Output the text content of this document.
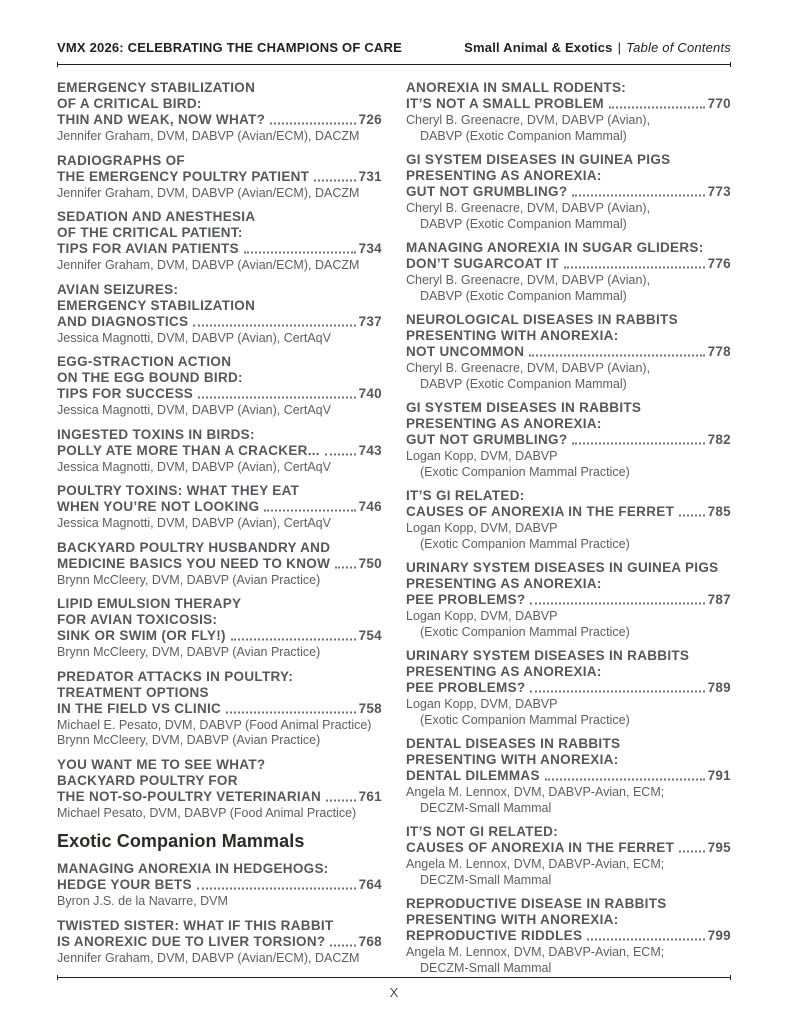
VMX 2026: CELEBRATING THE CHAMPIONS OF CARE	Small Animal & Exotics | Table of Contents
EMERGENCY STABILIZATION
OF A CRITICAL BIRD:
THIN AND WEAK, NOW WHAT?	726
Jennifer Graham, DVM, DABVP (Avian/ECM), DACZM
RADIOGRAPHS OF
THE EMERGENCY POULTRY PATIENT	731
Jennifer Graham, DVM, DABVP (Avian/ECM), DACZM
SEDATION AND ANESTHESIA
OF THE CRITICAL PATIENT:
TIPS FOR AVIAN PATIENTS	734
Jennifer Graham, DVM, DABVP (Avian/ECM), DACZM
AVIAN SEIZURES:
EMERGENCY STABILIZATION
AND DIAGNOSTICS	737
Jessica Magnotti, DVM, DABVP (Avian), CertAqV
EGG-STRACTION ACTION
ON THE EGG BOUND BIRD:
TIPS FOR SUCCESS	740
Jessica Magnotti, DVM, DABVP (Avian), CertAqV
INGESTED TOXINS IN BIRDS:
POLLY ATE MORE THAN A CRACKER...	743
Jessica Magnotti, DVM, DABVP (Avian), CertAqV
POULTRY TOXINS: WHAT THEY EAT
WHEN YOU’RE NOT LOOKING	746
Jessica Magnotti, DVM, DABVP (Avian), CertAqV
BACKYARD POULTRY HUSBANDRY AND
MEDICINE BASICS YOU NEED TO KNOW 750
Brynn McCleery, DVM, DABVP (Avian Practice)
LIPID EMULSION THERAPY
FOR AVIAN TOXICOSIS:
SINK OR SWIM (OR FLY!)	754
Brynn McCleery, DVM, DABVP (Avian Practice)
PREDATOR ATTACKS IN POULTRY:
TREATMENT OPTIONS
IN THE FIELD VS CLINIC	758
Michael E. Pesato, DVM, DABVP (Food Animal Practice)
Brynn McCleery, DVM, DABVP (Avian Practice)
YOU WANT ME TO SEE WHAT?
BACKYARD POULTRY FOR
THE NOT-SO-POULTRY VETERINARIAN	761
Michael Pesato, DVM, DABVP (Food Animal Practice)
Exotic Companion Mammals
MANAGING ANOREXIA IN HEDGEHOGS:
HEDGE YOUR BETS	764
Byron J.S. de la Navarre, DVM
TWISTED SISTER: WHAT IF THIS RABBIT
IS ANOREXIC DUE TO LIVER TORSION? 768
Jennifer Graham, DVM, DABVP (Avian/ECM), DACZM
ANOREXIA IN SMALL RODENTS:
IT’S NOT A SMALL PROBLEM	770
Cheryl B. Greenacre, DVM, DABVP (Avian),
DABVP (Exotic Companion Mammal)
GI SYSTEM DISEASES IN GUINEA PIGS
PRESENTING AS ANOREXIA:
GUT NOT GRUMBLING?	773
Cheryl B. Greenacre, DVM, DABVP (Avian),
DABVP (Exotic Companion Mammal)
MANAGING ANOREXIA IN SUGAR GLIDERS:
DON’T SUGARCOAT IT	776
Cheryl B. Greenacre, DVM, DABVP (Avian),
DABVP (Exotic Companion Mammal)
NEUROLOGICAL DISEASES IN RABBITS
PRESENTING WITH ANOREXIA:
NOT UNCOMMON	778
Cheryl B. Greenacre, DVM, DABVP (Avian),
DABVP (Exotic Companion Mammal)
GI SYSTEM DISEASES IN RABBITS
PRESENTING AS ANOREXIA:
GUT NOT GRUMBLING?	782
Logan Kopp, DVM, DABVP
(Exotic Companion Mammal Practice)
IT’S GI RELATED:
CAUSES OF ANOREXIA IN THE FERRET 785
Logan Kopp, DVM, DABVP
(Exotic Companion Mammal Practice)
URINARY SYSTEM DISEASES IN GUINEA PIGS
PRESENTING AS ANOREXIA:
PEE PROBLEMS?	787
Logan Kopp, DVM, DABVP
(Exotic Companion Mammal Practice)
URINARY SYSTEM DISEASES IN RABBITS
PRESENTING AS ANOREXIA:
PEE PROBLEMS?	789
Logan Kopp, DVM, DABVP
(Exotic Companion Mammal Practice)
DENTAL DISEASES IN RABBITS
PRESENTING WITH ANOREXIA:
DENTAL DILEMMAS	791
Angela M. Lennox, DVM, DABVP-Avian, ECM;
DECZM-Small Mammal
IT’S NOT GI RELATED:
CAUSES OF ANOREXIA IN THE FERRET 795
Angela M. Lennox, DVM, DABVP-Avian, ECM;
DECZM-Small Mammal
REPRODUCTIVE DISEASE IN RABBITS
PRESENTING WITH ANOREXIA:
REPRODUCTIVE RIDDLES	799
Angela M. Lennox, DVM, DABVP-Avian, ECM;
DECZM-Small Mammal
X
